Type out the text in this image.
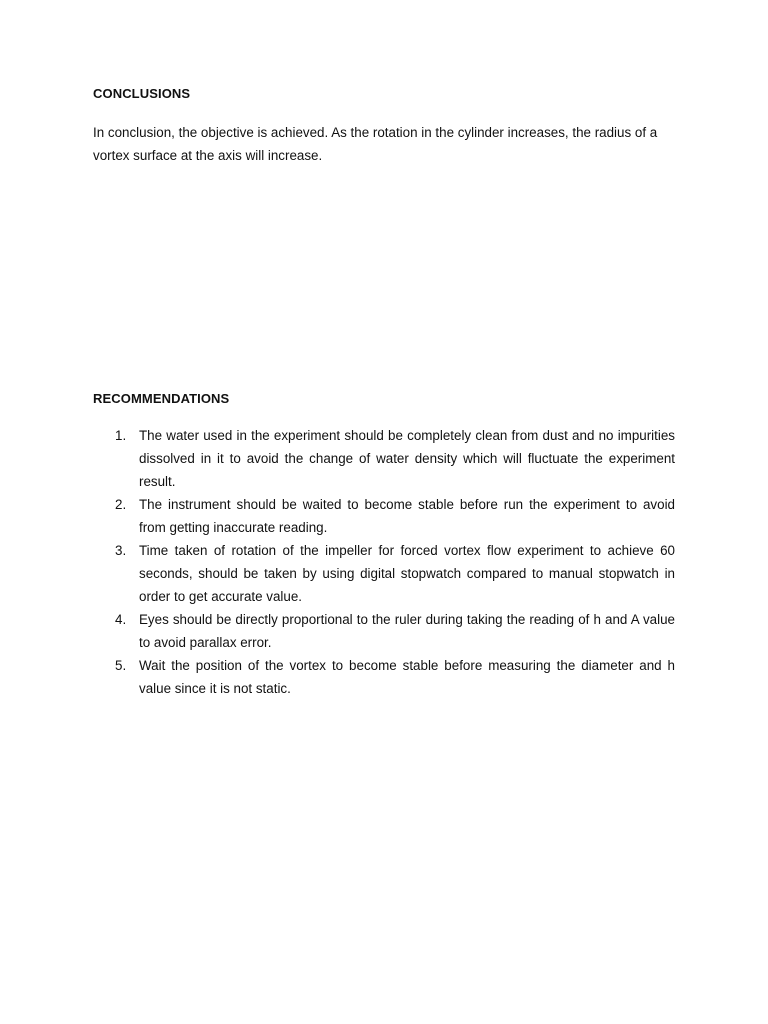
CONCLUSIONS

In conclusion, the objective is achieved. As the rotation in the cylinder increases, the radius of a vortex surface at the axis will increase.

RECOMMENDATIONS
1. The water used in the experiment should be completely clean from dust and no impurities dissolved in it to avoid the change of water density which will fluctuate the experiment result.
2. The instrument should be waited to become stable before run the experiment to avoid from getting inaccurate reading.
3. Time taken of rotation of the impeller for forced vortex flow experiment to achieve 60 seconds, should be taken by using digital stopwatch compared to manual stopwatch in order to get accurate value.
4. Eyes should be directly proportional to the ruler during taking the reading of h and A value to avoid parallax error.
5. Wait the position of the vortex to become stable before measuring the diameter and h value since it is not static.
